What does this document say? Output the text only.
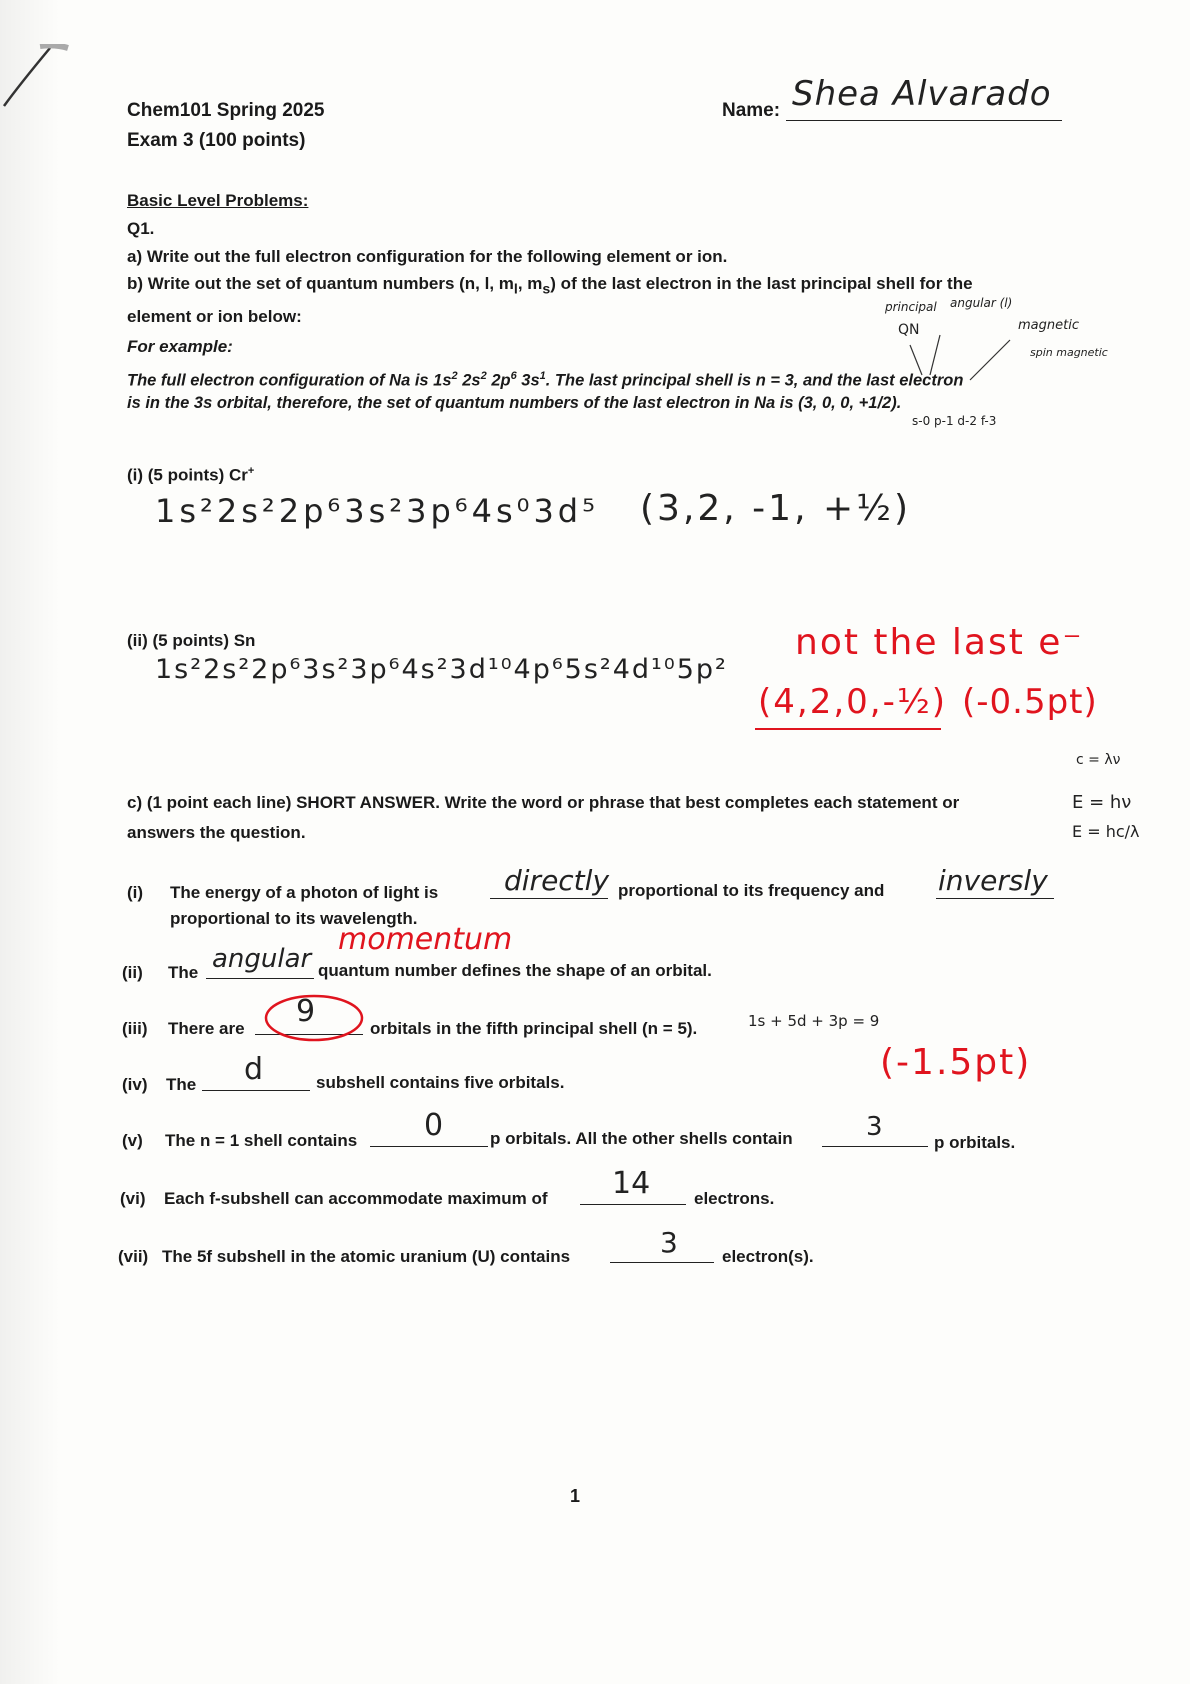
Chem101 Spring 2025
Exam 3 (100 points)
Name: Shea Alvarado
Basic Level Problems:
Q1.
a) Write out the full electron configuration for the following element or ion.
b) Write out the set of quantum numbers (n, l, $m_l$, $m_s$) of the last electron in the last principal shell for the
element or ion below:
For example:
The full electron configuration of Na is $1s^2$ $2s^2$ $2p^6$ $3s^1$. The last principal shell is n = 3, and the last electron
is in the 3s orbital, therefore, the set of quantum numbers of the last electron in Na is (3, 0, 0, +1/2).
principal angular (l)
QN	magnetic
spin magnetic
s-0 p-1 d-2 f-3
(i) (5 points) Cr+
1s²2s²2p⁶3s²3p⁶4s⁰3d⁵ (3,2, -1, +½)
(ii) (5 points) Sn
1s²2s²2p⁶3s²3p⁶4s²3d¹⁰4p⁶5s²4d¹⁰5p²
not the last e⁻
(4,2,0,-½) (-0.5pt)
c = λν
E = hν
E = hc/λ
c) (1 point each line) SHORT ANSWER. Write the word or phrase that best completes each statement or
answers the question.
(i) The energy of a photon of light is directly proportional to its frequency and inversly
proportional to its wavelength.
(ii) The angular
momentum
quantum number defines the shape of an orbital.
(iii) There are 9	orbitals in the fifth principal shell (n = 5).	1s + 5d + 3p = 9
(-1.5pt)
(iv) The d	subshell contains five orbitals.
(v) The n = 1 shell contains 0	p orbitals. All the other shells contain	3
p orbitals.
(vi) Each f-subshell can accommodate maximum of 14	electrons.
(vii) The 5f subshell in the atomic uranium (U) contains	3	electron(s).
1
